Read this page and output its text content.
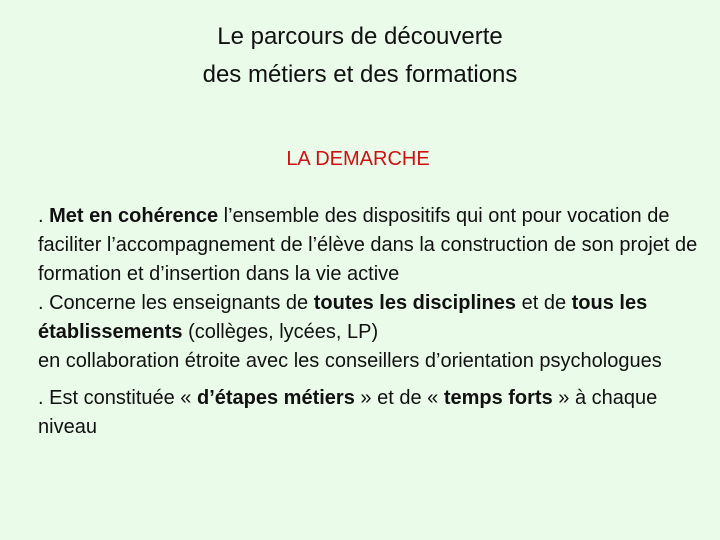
Le parcours de découverte
des métiers et des formations
LA DEMARCHE

. Met en cohérence l’ensemble des dispositifs qui ont pour vocation de faciliter l’accompagnement de l’élève dans la construction de son projet de formation et d’insertion dans la vie active

. Concerne les enseignants de toutes les disciplines et de tous les établissements (collèges, lycées, LP)

en collaboration étroite avec les conseillers d’orientation psychologues

. Est constituée « d’étapes métiers » et de « temps forts » à chaque niveau
